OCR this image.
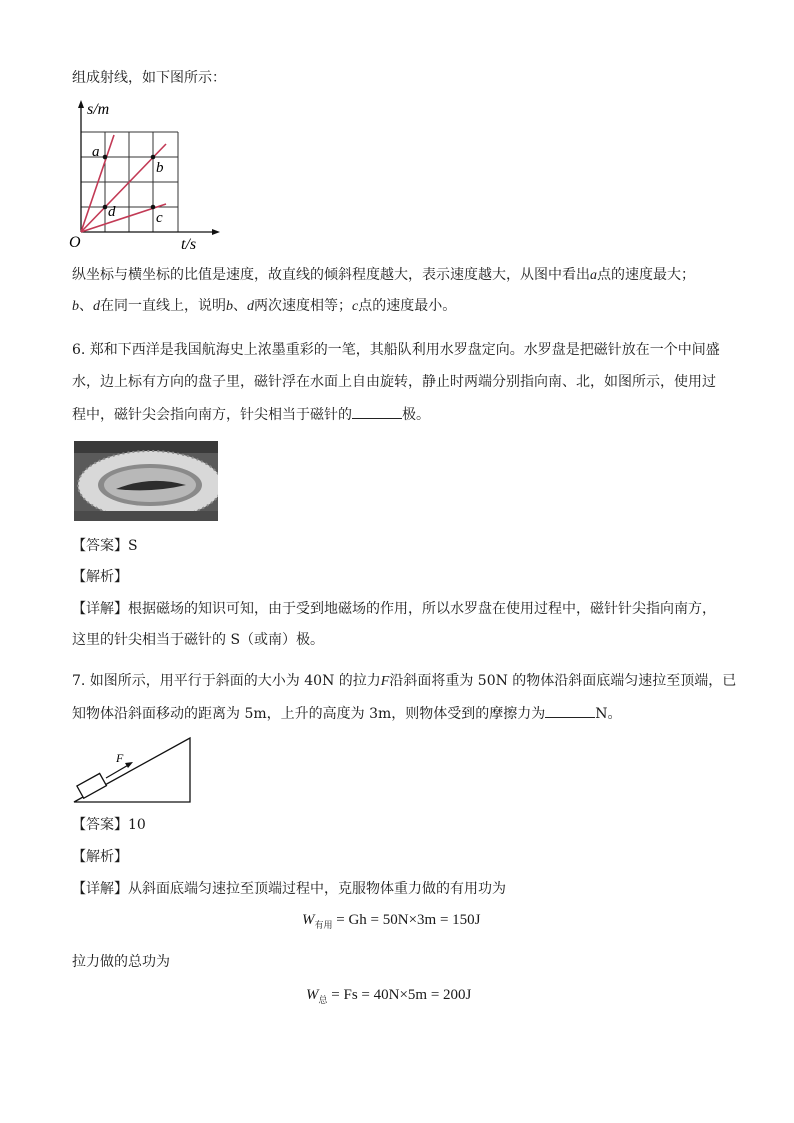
组成射线，如下图所示：
s/m
t/s
O
a
b
c
d
纵坐标与横坐标的比值是速度，故直线的倾斜程度越大，表示速度越大，从图中看出a点的速度最大；
b、d在同一直线上，说明b、d两次速度相等；c点的速度最小。
6. 郑和下西洋是我国航海史上浓墨重彩的一笔，其船队利用水罗盘定向。水罗盘是把磁针放在一个中间盛
水，边上标有方向的盘子里，磁针浮在水面上自由旋转，静止时两端分别指向南、北，如图所示，使用过
程中，磁针尖会指向南方，针尖相当于磁针的	极。
【答案】S
【解析】
【详解】根据磁场的知识可知，由于受到地磁场的作用，所以水罗盘在使用过程中，磁针针尖指向南方，
这里的针尖相当于磁针的 S（或南）极。
7. 如图所示，用平行于斜面的大小为 40N 的拉力F沿斜面将重为 50N 的物体沿斜面底端匀速拉至顶端，已
知物体沿斜面移动的距离为 5m，上升的高度为 3m，则物体受到的摩擦力为	N。
F
【答案】10
【解析】
【详解】从斜面底端匀速拉至顶端过程中，克服物体重力做的有用功为
$W_{有用} = Gh = 50N\times 3m = 150J$
拉力做的总功为
$W_总 = Fs = 40N\times 5m = 200J$
